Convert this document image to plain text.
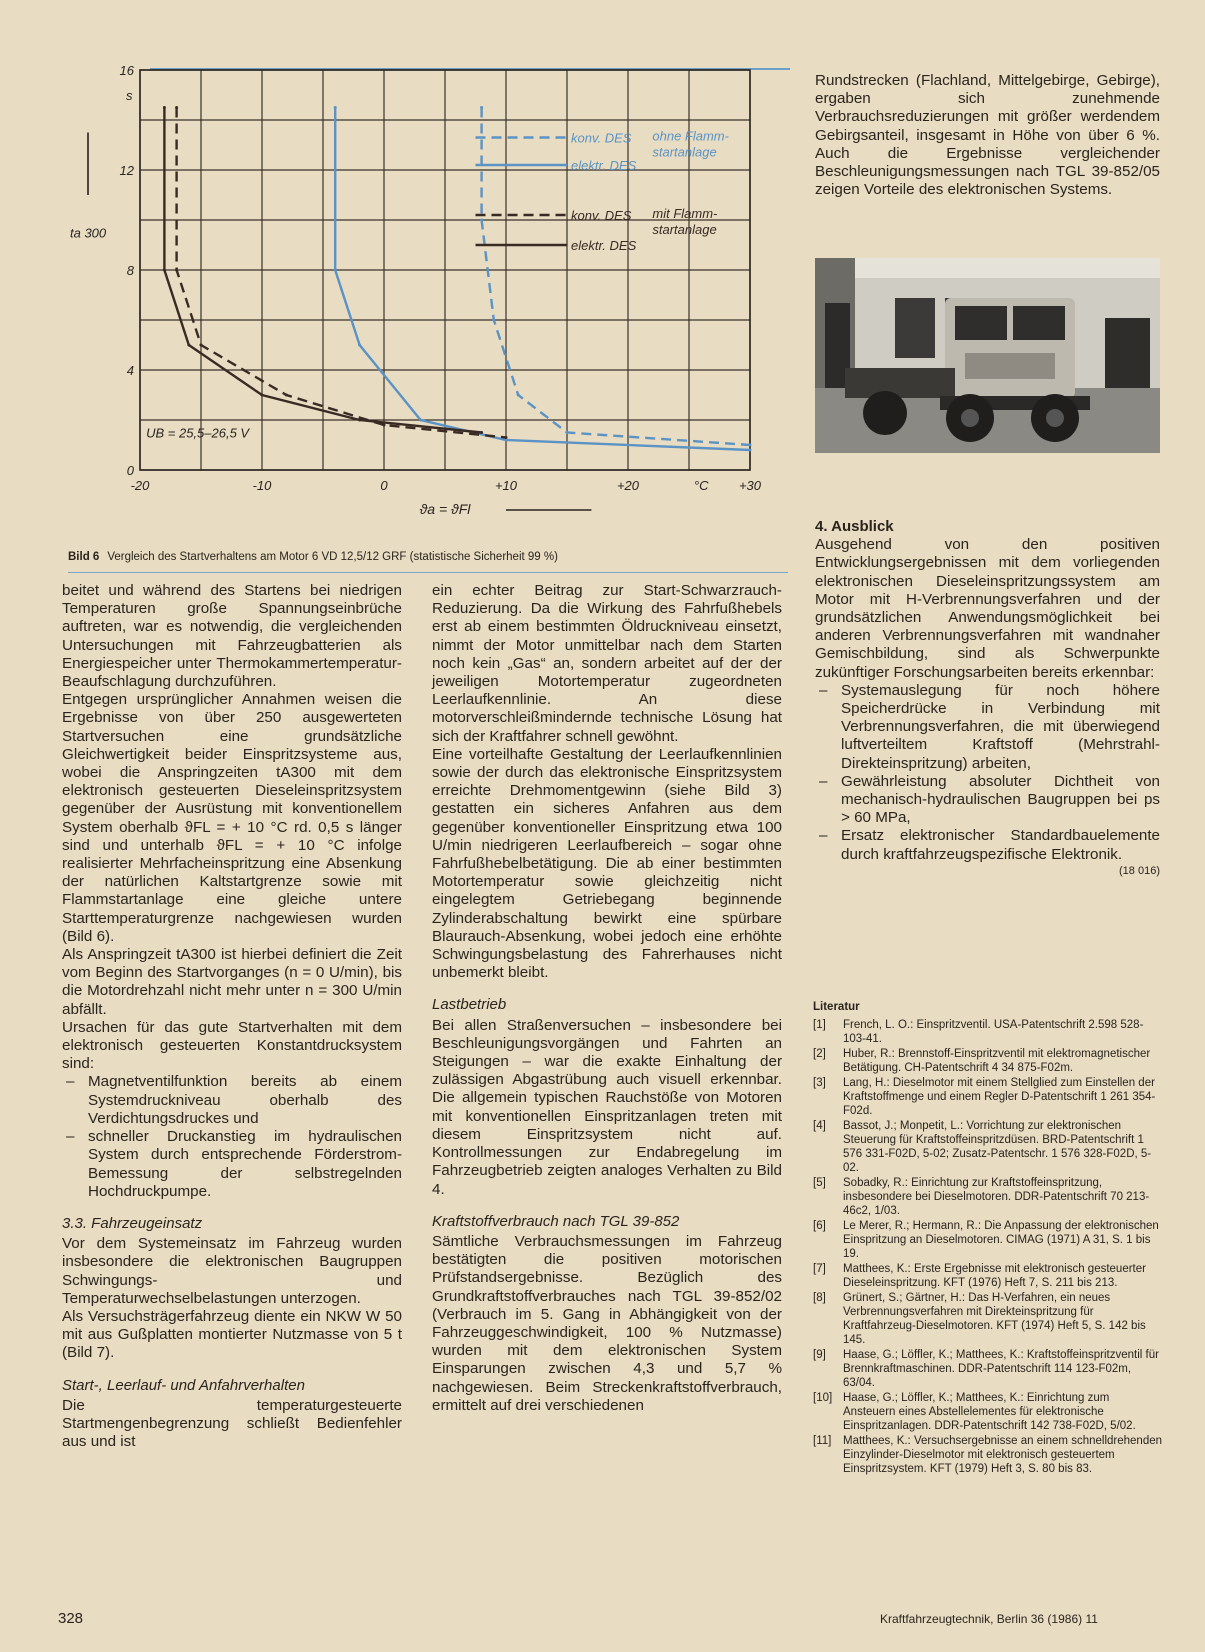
16
12
8
4
0
s
ta 300
-20	-10	0	+10	+20	°C +30
ϑa = ϑFl
UB = 25,5–26,5 V
konv. DES
elektr. DES
konv. DES
elektr. DES
ohne Flamm-
startanlage
mit Flamm-
startanlage
Bild 6 Vergleich des Startverhaltens am Motor 6 VD 12,5/12 GRF (statistische Sicherheit 99 %)

beitet und während des Startens bei niedrigen Temperaturen große Spannungseinbrüche auftreten, war es notwendig, die vergleichenden Untersuchungen mit Fahrzeugbatterien als Energiespeicher unter Thermokammertemperatur-Beaufschlagung durchzuführen.

Entgegen ursprünglicher Annahmen weisen die Ergebnisse von über 250 ausgewerteten Startversuchen eine grundsätzliche Gleichwertigkeit beider Einspritzsysteme aus, wobei die Anspringzeiten tA300 mit dem elektronisch gesteuerten Dieseleinspritzsystem gegenüber der Ausrüstung mit konventionellem System oberhalb ϑFL = + 10 °C rd. 0,5 s länger sind und unterhalb ϑFL = + 10 °C infolge realisierter Mehrfacheinspritzung eine Absenkung der natürlichen Kaltstartgrenze sowie mit Flammstartanlage eine gleiche untere Starttemperaturgrenze nachgewiesen wurden (Bild 6).

Als Anspringzeit tA300 ist hierbei definiert die Zeit vom Beginn des Startvorganges (n = 0 U/min), bis die Motordrehzahl nicht mehr unter n = 300 U/min abfällt.

Ursachen für das gute Startverhalten mit dem elektronisch gesteuerten Konstantdrucksystem sind:

– Magnetventilfunktion bereits ab einem Systemdruckniveau oberhalb des Verdichtungsdruckes und
– schneller Druckanstieg im hydraulischen System durch entsprechende Förderstrom-Bemessung der selbstregelnden Hochdruckpumpe.
3.3. Fahrzeugeinsatz

Vor dem Systemeinsatz im Fahrzeug wurden insbesondere die elektronischen Baugruppen Schwingungs- und Temperaturwechselbelastungen unterzogen.

Als Versuchsträgerfahrzeug diente ein NKW W 50 mit aus Gußplatten montierter Nutzmasse von 5 t (Bild 7).

Start-, Leerlauf- und Anfahrverhalten

Die temperaturgesteuerte Startmengenbegrenzung schließt Bedienfehler aus und ist

ein echter Beitrag zur Start-Schwarzrauch-Reduzierung. Da die Wirkung des Fahrfußhebels erst ab einem bestimmten Öldruckniveau einsetzt, nimmt der Motor unmittelbar nach dem Starten noch kein „Gas“ an, sondern arbeitet auf der der jeweiligen Motortemperatur zugeordneten Leerlaufkennlinie. An diese motorverschleißmindernde technische Lösung hat sich der Kraftfahrer schnell gewöhnt.

Eine vorteilhafte Gestaltung der Leerlaufkennlinien sowie der durch das elektronische Einspritzsystem erreichte Drehmomentgewinn (siehe Bild 3) gestatten ein sicheres Anfahren aus dem gegenüber konventioneller Einspritzung etwa 100 U/min niedrigeren Leerlaufbereich – sogar ohne Fahrfußhebelbetätigung. Die ab einer bestimmten Motortemperatur sowie gleichzeitig nicht eingelegtem Getriebegang beginnende Zylinderabschaltung bewirkt eine spürbare Blaurauch-Absenkung, wobei jedoch eine erhöhte Schwingungsbelastung des Fahrerhauses nicht unbemerkt bleibt.

Lastbetrieb

Bei allen Straßenversuchen – insbesondere bei Beschleunigungsvorgängen und Fahrten an Steigungen – war die exakte Einhaltung der zulässigen Abgastrübung auch visuell erkennbar. Die allgemein typischen Rauchstöße von Motoren mit konventionellen Einspritzanlagen treten mit diesem Einspritzsystem nicht auf. Kontrollmessungen zur Endabregelung im Fahrzeugbetrieb zeigten analoges Verhalten zu Bild 4.

Kraftstoffverbrauch nach TGL 39-852

Sämtliche Verbrauchsmessungen im Fahrzeug bestätigten die positiven motorischen Prüfstandsergebnisse. Bezüglich des Grundkraftstoffverbrauches nach TGL 39-852/02 (Verbrauch im 5. Gang in Abhängigkeit von der Fahrzeuggeschwindigkeit, 100 % Nutzmasse) wurden mit dem elektronischen System Einsparungen zwischen 4,3 und 5,7 % nachgewiesen. Beim Streckenkraftstoffverbrauch, ermittelt auf drei verschiedenen

Rundstrecken (Flachland, Mittelgebirge, Gebirge), ergaben sich zunehmende Verbrauchsreduzierungen mit größer werdendem Gebirgsanteil, insgesamt in Höhe von über 6 %. Auch die Ergebnisse vergleichender Beschleunigungsmessungen nach TGL 39-852/05 zeigen Vorteile des elektronischen Systems.

4. Ausblick

Ausgehend von den positiven Entwicklungsergebnissen mit dem vorliegenden elektronischen Dieseleinspritzungssystem am Motor mit H-Verbrennungsverfahren und der grundsätzlichen Anwendungsmöglichkeit bei anderen Verbrennungsverfahren mit wandnaher Gemischbildung, sind als Schwerpunkte zukünftiger Forschungsarbeiten bereits erkennbar:

– Systemauslegung für noch höhere Speicherdrücke in Verbindung mit Verbrennungsverfahren, die mit überwiegend luftverteiltem Kraftstoff (Mehrstrahl-Direkteinspritzung) arbeiten,
– Gewährleistung absoluter Dichtheit von mechanisch-hydraulischen Baugruppen bei ps > 60 MPa,
– Ersatz elektronischer Standardbauelemente durch kraftfahrzeugspezifische Elektronik.
(18 016)
Literatur
[1] French, L. O.: Einspritzventil. USA-Patentschrift 2.598 528-103-41.
[2] Huber, R.: Brennstoff-Einspritzventil mit elektromagnetischer Betätigung. CH-Patentschrift 4 34 875-F02m.
[3] Lang, H.: Dieselmotor mit einem Stellglied zum Einstellen der Kraftstoffmenge und einem Regler D-Patentschrift 1 261 354-F02d.
[4] Bassot, J.; Monpetit, L.: Vorrichtung zur elektronischen Steuerung für Kraftstoffeinspritzdüsen. BRD-Patentschrift 1 576 331-F02D, 5-02; Zusatz-Patentschr. 1 576 328-F02D, 5-02.
[5] Sobadky, R.: Einrichtung zur Kraftstoffeinspritzung, insbesondere bei Dieselmotoren. DDR-Patentschrift 70 213-46c2, 1/03.
[6] Le Merer, R.; Hermann, R.: Die Anpassung der elektronischen Einspritzung an Dieselmotoren. CIMAG (1971) A 31, S. 1 bis 19.
[7] Matthees, K.: Erste Ergebnisse mit elektronisch gesteuerter Dieseleinspritzung. KFT (1976) Heft 7, S. 211 bis 213.
[8] Grünert, S.; Gärtner, H.: Das H-Verfahren, ein neues Verbrennungsverfahren mit Direkteinspritzung für Kraftfahrzeug-Dieselmotoren. KFT (1974) Heft 5, S. 142 bis 145.
[9] Haase, G.; Löffler, K.; Matthees, K.: Kraftstoffeinspritzventil für Brennkraftmaschinen. DDR-Patentschrift 114 123-F02m, 63/04.
[10] Haase, G.; Löffler, K.; Matthees, K.: Einrichtung zum Ansteuern eines Abstellelementes für elektronische Einspritzanlagen. DDR-Patentschrift 142 738-F02D, 5/02.
[11] Matthees, K.: Versuchsergebnisse an einem schnelldrehenden Einzylinder-Dieselmotor mit elektronisch gesteuertem Einspritzsystem. KFT (1979) Heft 3, S. 80 bis 83.
328	Kraftfahrzeugtechnik, Berlin 36 (1986) 11
